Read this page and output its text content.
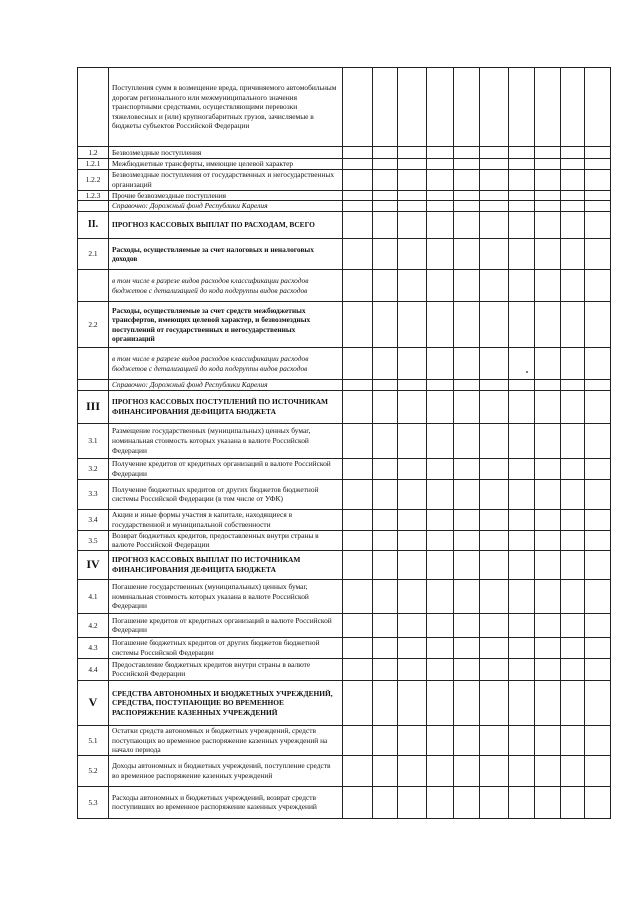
	Поступления сумм в возмещение вреда, причиняемого автомобильным дорогам регионального или межмуниципального значения транспортными средствами, осуществляющими перевозки тяжеловесных и (или) крупногабаритных грузов, зачисляемые в бюджеты субъектов Российской Федерации										
1.2	Безвозмездные поступления										
1.2.1	Межбюджетные трансферты, имеющие целевой характер										
1.2.2	Безвозмездные поступления от государственных и негосударственных организаций										
1.2.3	Прочие безвозмездные поступления										
	Справочно: Дорожный фонд Республики Карелия										
II.	ПРОГНОЗ КАССОВЫХ ВЫПЛАТ ПО РАСХОДАМ, ВСЕГО										
2.1	Расходы, осуществляемые за счет налоговых и неналоговых доходов										
	в том числе в разрезе видов расходов классификации расходов бюджетов с детализацией до кода подгруппы видов расходов										
2.2	Расходы, осуществляемые за счет средств межбюджетных трансфертов, имеющих целевой характер, и безвозмездных поступлений от государственных и негосударственных организаций										
	в том числе в разрезе видов расходов классификации расходов бюджетов с детализацией до кода подгруппы видов расходов										
	Справочно: Дорожный фонд Республики Карелия										
III	ПРОГНОЗ КАССОВЫХ ПОСТУПЛЕНИЙ ПО ИСТОЧНИКАМ ФИНАНСИРОВАНИЯ ДЕФИЦИТА БЮДЖЕТА										
3.1	Размещение государственных (муниципальных) ценных бумаг, номинальная стоимость которых указана в валюте Российской Федерации										
3.2	Получение кредитов от кредитных организаций в валюте Российской Федерации										
3.3	Получение бюджетных кредитов от других бюджетов бюджетной системы Российской Федерации (в том числе от УФК)										
3.4	Акции и иные формы участия в капитале, находящиеся в государственной и муниципальной собственности										
3.5	Возврат бюджетных кредитов, предоставленных внутри страны в валюте Российской Федерации										
IV	ПРОГНОЗ КАССОВЫХ ВЫПЛАТ ПО ИСТОЧНИКАМ ФИНАНСИРОВАНИЯ ДЕФИЦИТА БЮДЖЕТА										
4.1	Погашение государственных (муниципальных) ценных бумаг, номинальная стоимость которых указана в валюте Российской Федерации										
4.2	Погашение кредитов от кредитных организаций в валюте Российской Федерации										
4.3	Погашение бюджетных кредитов от других бюджетов бюджетной системы Российской Федерации										
4.4	Предоставление бюджетных кредитов внутри страны в валюте Российской Федерации										
V	СРЕДСТВА АВТОНОМНЫХ И БЮДЖЕТНЫХ УЧРЕЖДЕНИЙ, СРЕДСТВА, ПОСТУПАЮЩИЕ ВО ВРЕМЕННОЕ РАСПОРЯЖЕНИЕ КАЗЕННЫХ УЧРЕЖДЕНИЙ										
5.1	Остатки средств автономных и бюджетных учреждений, средств поступающих во временное распоряжение казенных учреждений на начало периода										
5.2	Доходы автономных и бюджетных учреждений, поступление средств во временное распоряжение казенных учреждений										
5.3	Расходы автономных и бюджетных учреждений, возврат средств поступивших во временное распоряжение казенных учреждений										
